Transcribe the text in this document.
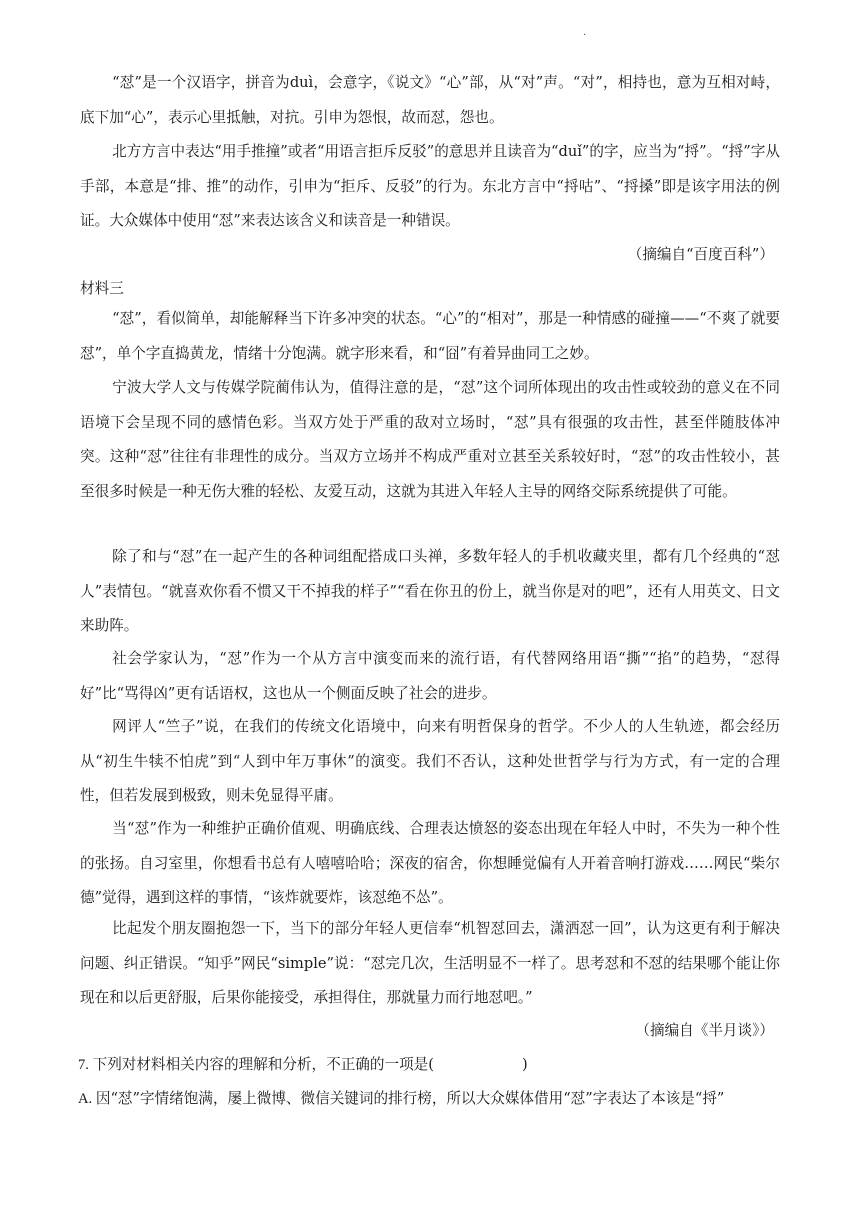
·
“怼”是一个汉语字，拼音为duì，会意字，《说文》“心”部，从“对”声。“对”，相持也，意为互相对峙，底下加“心”，表示心里抵触，对抗。引申为怨恨，故而怼，怨也。
北方方言中表达“用手推撞”或者“用语言拒斥反驳”的意思并且读音为“duǐ”的字，应当为“捋”。“捋”字从手部，本意是“排、推”的动作，引申为“拒斥、反驳”的行为。东北方言中“捋咕”、“捋搡”即是该字用法的例证。大众媒体中使用“怼”来表达该含义和读音是一种错误。
（摘编自“百度百科”）
材料三
“怼”，看似简单，却能解释当下许多冲突的状态。“心”的“相对”，那是一种情感的碰撞——“不爽了就要怼”，单个字直捣黄龙，情绪十分饱满。就字形来看，和“囧”有着异曲同工之妙。
宁波大学人文与传媒学院蔺伟认为，值得注意的是，“怼”这个词所体现出的攻击性或较劲的意义在不同语境下会呈现不同的感情色彩。当双方处于严重的敌对立场时，“怼”具有很强的攻击性，甚至伴随肢体冲突。这种“怼”往往有非理性的成分。当双方立场并不构成严重对立甚至关系较好时，“怼”的攻击性较小，甚至很多时候是一种无伤大雅的轻松、友爱互动，这就为其进入年轻人主导的网络交际系统提供了可能。
除了和与“怼”在一起产生的各种词组配搭成口头禅，多数年轻人的手机收藏夹里，都有几个经典的“怼人”表情包。“就喜欢你看不惯又干不掉我的样子”“看在你丑的份上，就当你是对的吧”，还有人用英文、日文来助阵。
社会学家认为，“怼”作为一个从方言中演变而来的流行语，有代替网络用语“撕”“掐”的趋势，“怼得好”比“骂得凶”更有话语权，这也从一个侧面反映了社会的进步。
网评人“竺子”说，在我们的传统文化语境中，向来有明哲保身的哲学。不少人的人生轨迹，都会经历从“初生牛犊不怕虎”到“人到中年万事休”的演变。我们不否认，这种处世哲学与行为方式，有一定的合理性，但若发展到极致，则未免显得平庸。
当“怼”作为一种维护正确价值观、明确底线、合理表达愤怒的姿态出现在年轻人中时，不失为一种个性的张扬。自习室里，你想看书总有人嘻嘻哈哈；深夜的宿舍，你想睡觉偏有人开着音响打游戏……网民“柴尔德”觉得，遇到这样的事情，“该炸就要炸，该怼绝不怂”。
比起发个朋友圈抱怨一下，当下的部分年轻人更信奉“机智怼回去，潇洒怼一回”，认为这更有利于解决问题、纠正错误。“知乎”网民“simple”说：“怼完几次，生活明显不一样了。思考怼和不怼的结果哪个能让你现在和以后更舒服，后果你能接受，承担得住，那就量力而行地怼吧。”
（摘编自《半月谈》）
7. 下列对材料相关内容的理解和分析，不正确的一项是(	)
A. 因“怼”字情绪饱满，屡上微博、微信关键词的排行榜，所以大众媒体借用“怼”字表达了本该是“捋”
